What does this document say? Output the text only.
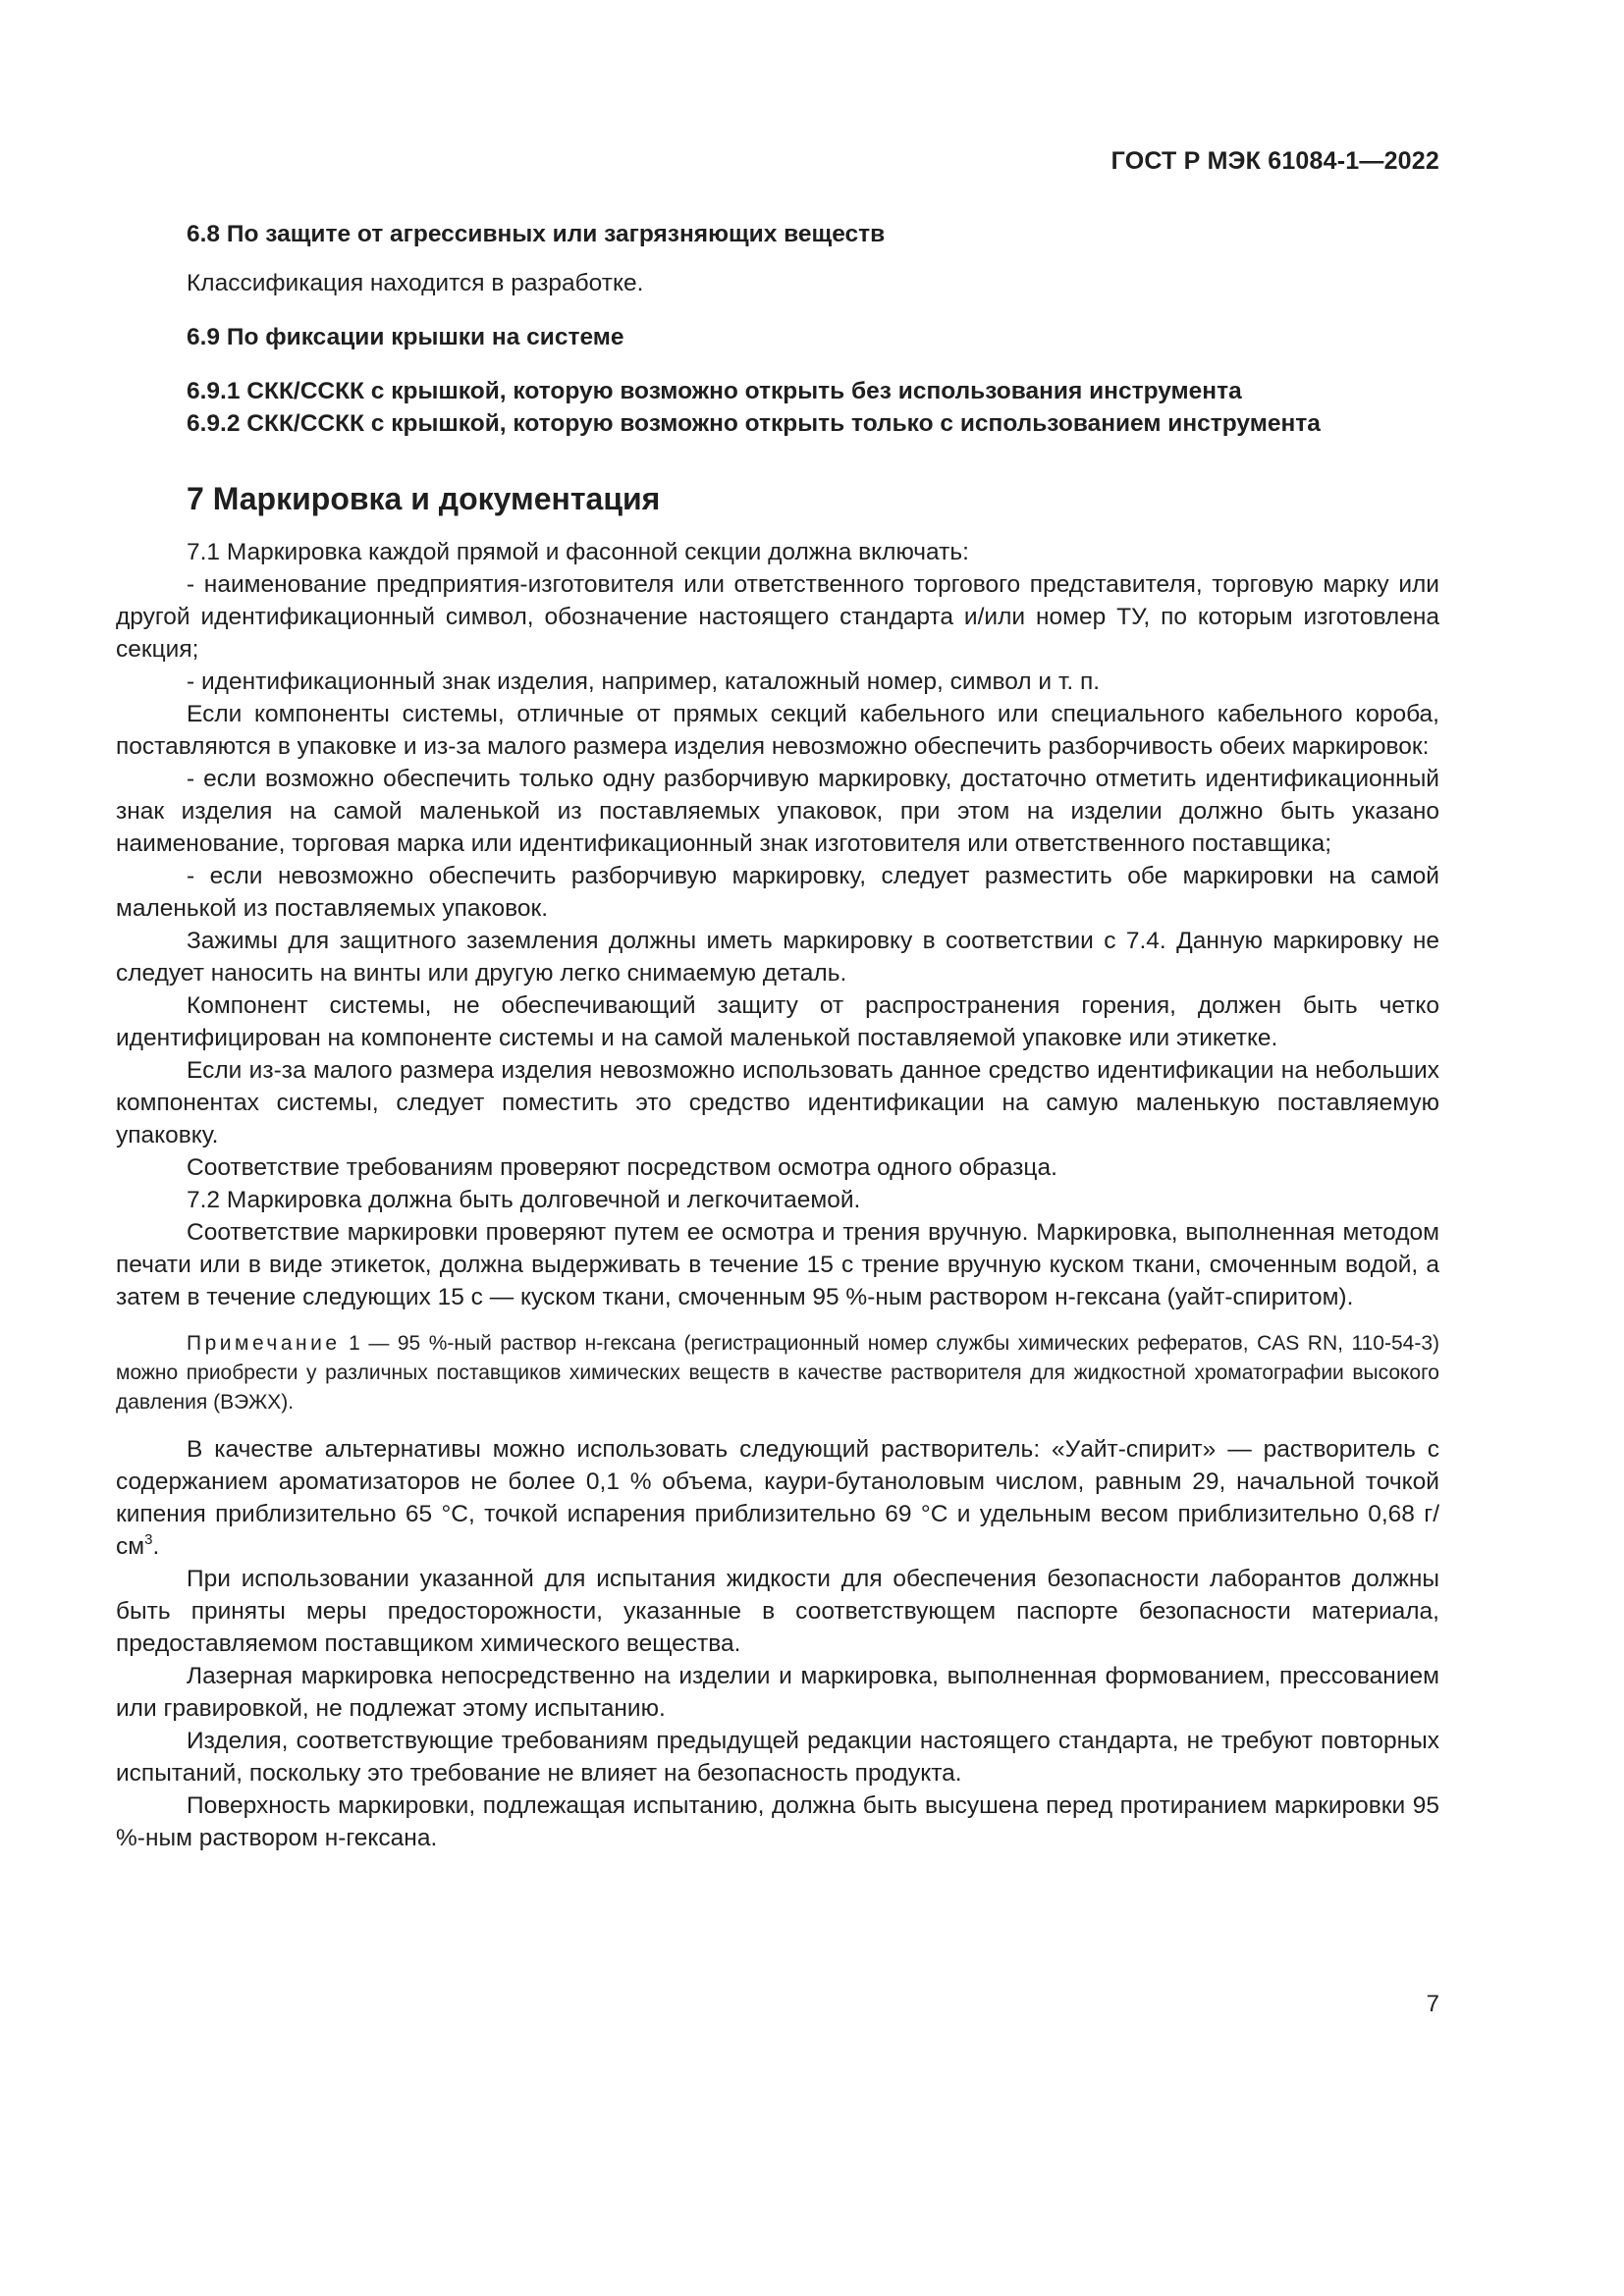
ГОСТ Р МЭК 61084-1—2022

6.8 По защите от агрессивных или загрязняющих веществ

Классификация находится в разработке.

6.9 По фиксации крышки на системе

6.9.1 СКК/ССКК с крышкой, которую возможно открыть без использования инструмента

6.9.2 СКК/ССКК с крышкой, которую возможно открыть только с использованием инструмента

7 Маркировка и документация

7.1 Маркировка каждой прямой и фасонной секции должна включать:

- наименование предприятия-изготовителя или ответственного торгового представителя, торговую марку или другой идентификационный символ, обозначение настоящего стандарта и/или номер ТУ, по которым изготовлена секция;

- идентификационный знак изделия, например, каталожный номер, символ и т. п.

Если компоненты системы, отличные от прямых секций кабельного или специального кабельного короба, поставляются в упаковке и из-за малого размера изделия невозможно обеспечить разборчивость обеих маркировок:

- если возможно обеспечить только одну разборчивую маркировку, достаточно отметить идентификационный знак изделия на самой маленькой из поставляемых упаковок, при этом на изделии должно быть указано наименование, торговая марка или идентификационный знак изготовителя или ответственного поставщика;

- если невозможно обеспечить разборчивую маркировку, следует разместить обе маркировки на самой маленькой из поставляемых упаковок.

Зажимы для защитного заземления должны иметь маркировку в соответствии с 7.4. Данную маркировку не следует наносить на винты или другую легко снимаемую деталь.

Компонент системы, не обеспечивающий защиту от распространения горения, должен быть четко идентифицирован на компоненте системы и на самой маленькой поставляемой упаковке или этикетке.

Если из-за малого размера изделия невозможно использовать данное средство идентификации на небольших компонентах системы, следует поместить это средство идентификации на самую маленькую поставляемую упаковку.

Соответствие требованиям проверяют посредством осмотра одного образца.

7.2 Маркировка должна быть долговечной и легкочитаемой.

Соответствие маркировки проверяют путем ее осмотра и трения вручную. Маркировка, выполненная методом печати или в виде этикеток, должна выдерживать в течение 15 с трение вручную куском ткани, смоченным водой, а затем в течение следующих 15 с — куском ткани, смоченным 95 %-ным раствором н-гексана (уайт-спиритом).

Примечание 1 — 95 %-ный раствор н-гексана (регистрационный номер службы химических рефератов, CAS RN, 110-54-3) можно приобрести у различных поставщиков химических веществ в качестве растворителя для жидкостной хроматографии высокого давления (ВЭЖХ).

В качестве альтернативы можно использовать следующий растворитель: «Уайт-спирит» — растворитель с содержанием ароматизаторов не более 0,1 % объема, каури-бутаноловым числом, равным 29, начальной точкой кипения приблизительно 65 °С, точкой испарения приблизительно 69 °С и удельным весом приблизительно 0,68 $г/см^3$.

При использовании указанной для испытания жидкости для обеспечения безопасности лаборантов должны быть приняты меры предосторожности, указанные в соответствующем паспорте безопасности материала, предоставляемом поставщиком химического вещества.

Лазерная маркировка непосредственно на изделии и маркировка, выполненная формованием, прессованием или гравировкой, не подлежат этому испытанию.

Изделия, соответствующие требованиям предыдущей редакции настоящего стандарта, не требуют повторных испытаний, поскольку это требование не влияет на безопасность продукта.

Поверхность маркировки, подлежащая испытанию, должна быть высушена перед протиранием маркировки 95 %-ным раствором н-гексана.

7
